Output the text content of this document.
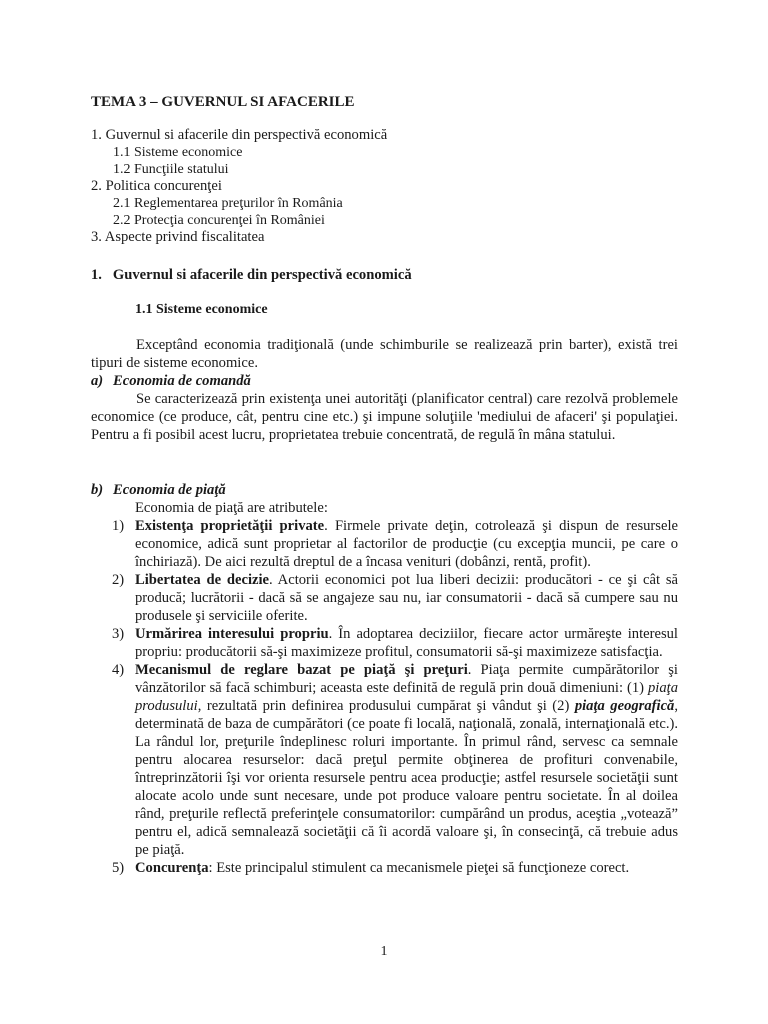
TEMA 3 – GUVERNUL SI AFACERILE
1. Guvernul si afacerile din perspectivă economică
1.1 Sisteme economice
1.2 Funcţiile statului
2. Politica concurenţei
2.1 Reglementarea preţurilor în România
2.2 Protecţia concurenţei în României
3. Aspecte privind fiscalitatea
1.   Guvernul si afacerile din perspectivă economică
1.1 Sisteme economice
Exceptând economia tradiţională (unde schimburile se realizează prin barter), există trei tipuri de sisteme economice.
a) Economia de comandă
Se caracterizează prin existenţa unei autorităţi (planificator central) care rezolvă problemele economice (ce produce, cât, pentru cine etc.) şi impune soluţiile 'mediului de afaceri' şi populaţiei. Pentru a fi posibil acest lucru, proprietatea trebuie concentrată, de regulă în mâna statului.
b) Economia de piaţă
Economia de piaţă are atributele:

1) Existenţa proprietăţii private. Firmele private deţin, cotrolează şi dispun de resursele economice, adică sunt proprietar al factorilor de producţie (cu excepţia muncii, pe care o închiriază). De aici rezultă dreptul de a încasa venituri (dobânzi, rentă, profit).

2) Libertatea de decizie. Actorii economici pot lua liberi decizii: producători - ce şi cât să producă; lucrătorii - dacă să se angajeze sau nu, iar consumatorii - dacă să cumpere sau nu produsele şi serviciile oferite.

3) Urmărirea interesului propriu. În adoptarea deciziilor, fiecare actor urmăreşte interesul propriu: producătorii să-şi maximizeze profitul, consumatorii să-şi maximizeze satisfacţia.

4) Mecanismul de reglare bazat pe piaţă şi preţuri. Piaţa permite cumpărătorilor şi vânzătorilor să facă schimburi; aceasta este definită de regulă prin două dimeniuni: (1) piaţa produsului, rezultată prin definirea produsului cumpărat şi vândut şi (2) piaţa geografică, determinată de baza de cumpărători (ce poate fi locală, naţională, zonală, internaţională etc.). La rândul lor, preţurile îndeplinesc roluri importante. În primul rând, servesc ca semnale pentru alocarea resurselor: dacă preţul permite obţinerea de profituri convenabile, întreprinzătorii îşi vor orienta resursele pentru acea producţie; astfel resursele societăţii sunt alocate acolo unde sunt necesare, unde pot produce valoare pentru societate. În al doilea rând, preţurile reflectă preferinţele consumatorilor: cumpărând un produs, aceştia „votează” pentru el, adică semnalează societăţii că îi acordă valoare şi, în consecinţă, că trebuie adus pe piaţă.

5) Concurenţa: Este principalul stimulent ca mecanismele pieţei să funcţioneze corect.

1
